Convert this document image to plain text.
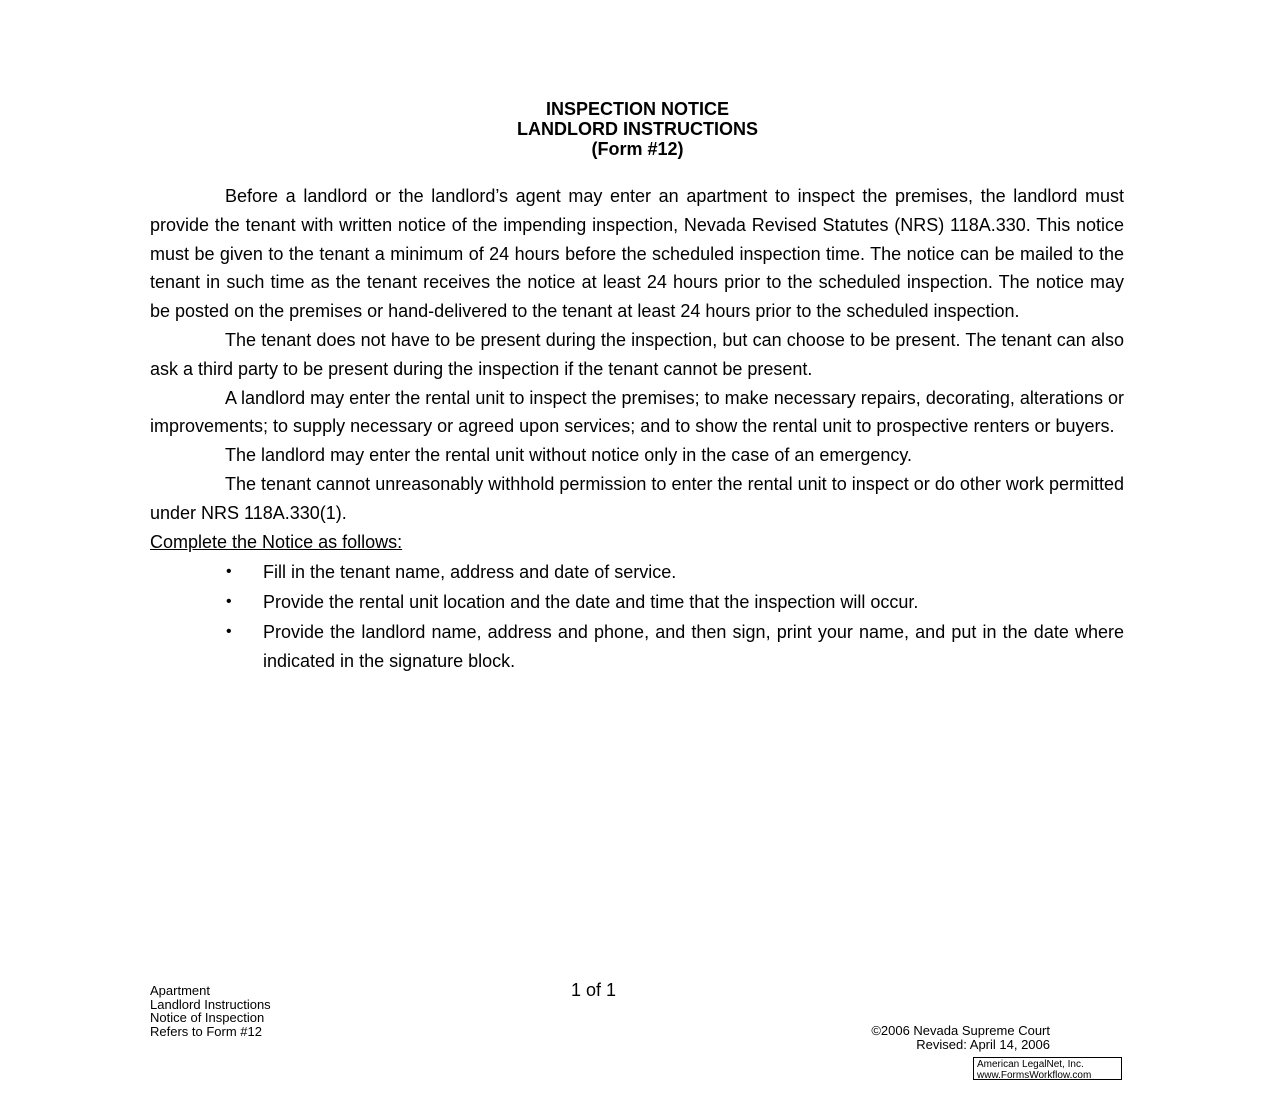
INSPECTION NOTICE
LANDLORD INSTRUCTIONS
(Form #12)

Before a landlord or the landlord’s agent may enter an apartment to inspect the premises, the landlord must provide the tenant with written notice of the impending inspection, Nevada Revised Statutes (NRS) 118A.330. This notice must be given to the tenant a minimum of 24 hours before the scheduled inspection time. The notice can be mailed to the tenant in such time as the tenant receives the notice at least 24 hours prior to the scheduled inspection. The notice may be posted on the premises or hand-delivered to the tenant at least 24 hours prior to the scheduled inspection.

The tenant does not have to be present during the inspection, but can choose to be present. The tenant can also ask a third party to be present during the inspection if the tenant cannot be present.

A landlord may enter the rental unit to inspect the premises; to make necessary repairs, decorating, alterations or improvements; to supply necessary or agreed upon services; and to show the rental unit to prospective renters or buyers.

The landlord may enter the rental unit without notice only in the case of an emergency.

The tenant cannot unreasonably withhold permission to enter the rental unit to inspect or do other work permitted under NRS 118A.330(1).

Complete the Notice as follows:
• Fill in the tenant name, address and date of service.
• Provide the rental unit location and the date and time that the inspection will occur.
• Provide the landlord name, address and phone, and then sign, print your name, and put in the date where indicated in the signature block.
Apartment
Landlord Instructions
Notice of Inspection
Refers to Form #12
1 of 1
©2006 Nevada Supreme Court
Revised: April 14, 2006
American LegalNet, Inc.
www.FormsWorkflow.com
